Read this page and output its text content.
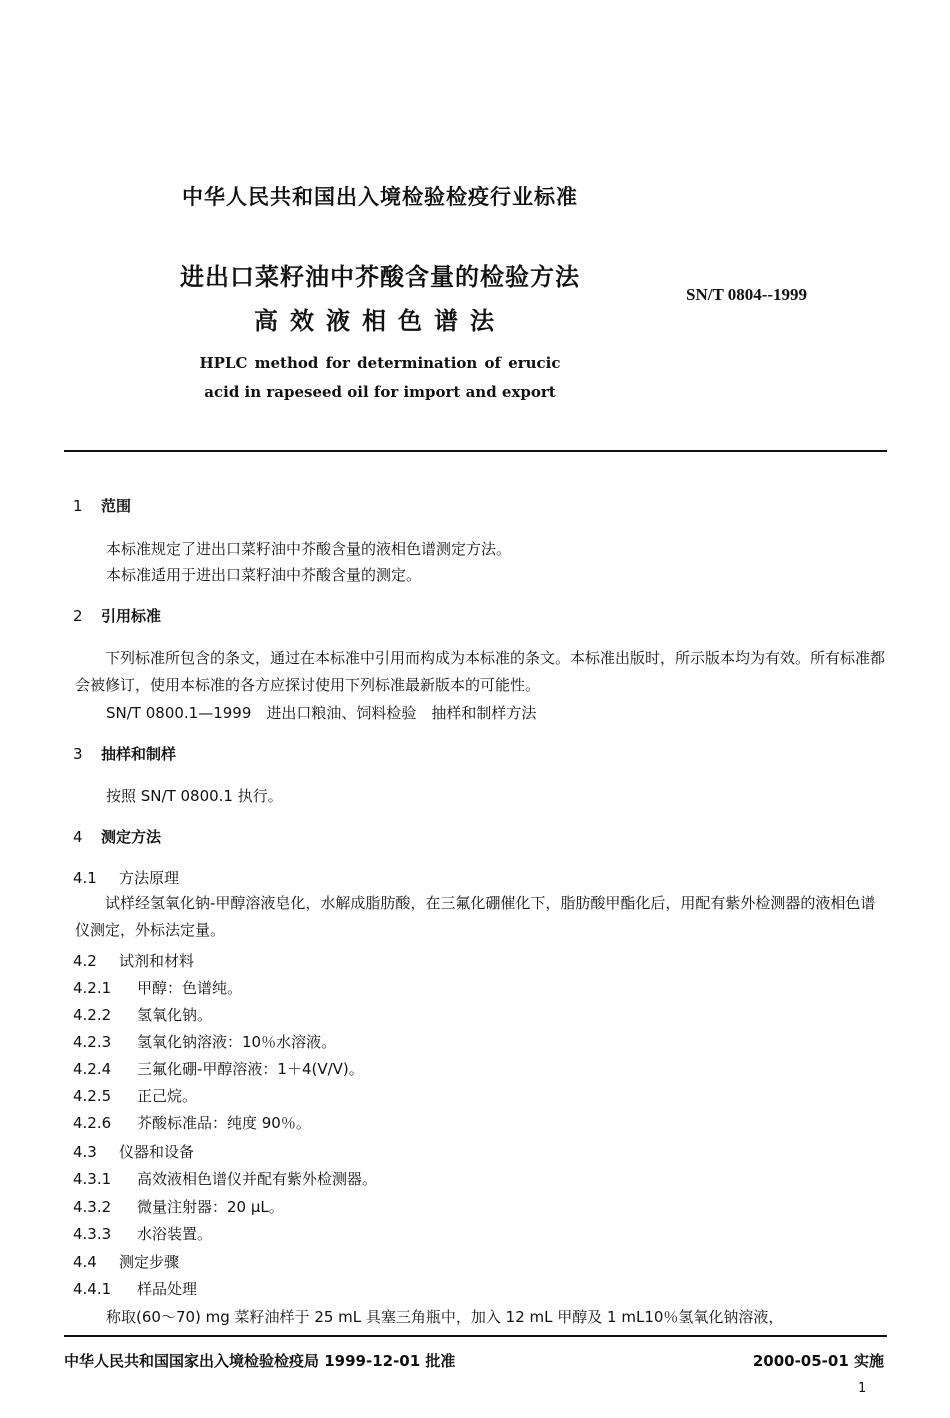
中华人民共和国出入境检验检疫行业标准
进出口菜籽油中芥酸含量的检验方法
高效液相色谱法
SN/T 0804--1999
HPLC method for determination of erucic
acid in rapeseed oil for import and export
1 范围
本标准规定了进出口菜籽油中芥酸含量的液相色谱测定方法。
本标准适用于进出口菜籽油中芥酸含量的测定。
2 引用标准
下列标准所包含的条文，通过在本标准中引用而构成为本标准的条文。本标准出版时，所示版本均为有效。所有标准都会被修订，使用本标准的各方应探讨使用下列标准最新版本的可能性。
SN/T 0800.1—1999　进出口粮油、饲料检验　抽样和制样方法
3 抽样和制样
按照 SN/T 0800.1 执行。
4 测定方法
4.1 方法原理
试样经氢氧化钠-甲醇溶液皂化，水解成脂肪酸，在三氟化硼催化下，脂肪酸甲酯化后，用配有紫外检测器的液相色谱仪测定，外标法定量。
4.2 试剂和材料
4.2.1 甲醇：色谱纯。
4.2.2 氢氧化钠。
4.2.3 氢氧化钠溶液：10％水溶液。
4.2.4 三氟化硼-甲醇溶液：1＋4(V/V)。
4.2.5 正己烷。
4.2.6 芥酸标准品：纯度 90％。
4.3 仪器和设备
4.3.1 高效液相色谱仪并配有紫外检测器。
4.3.2 微量注射器：20 μL。
4.3.3 水浴装置。
4.4 测定步骤
4.4.1 样品处理
称取(60～70) mg 菜籽油样于 25 mL 具塞三角瓶中，加入 12 mL 甲醇及 1 mL10％氢氧化钠溶液，
中华人民共和国国家出入境检验检疫局 1999-12-01 批准	2000-05-01 实施
1
